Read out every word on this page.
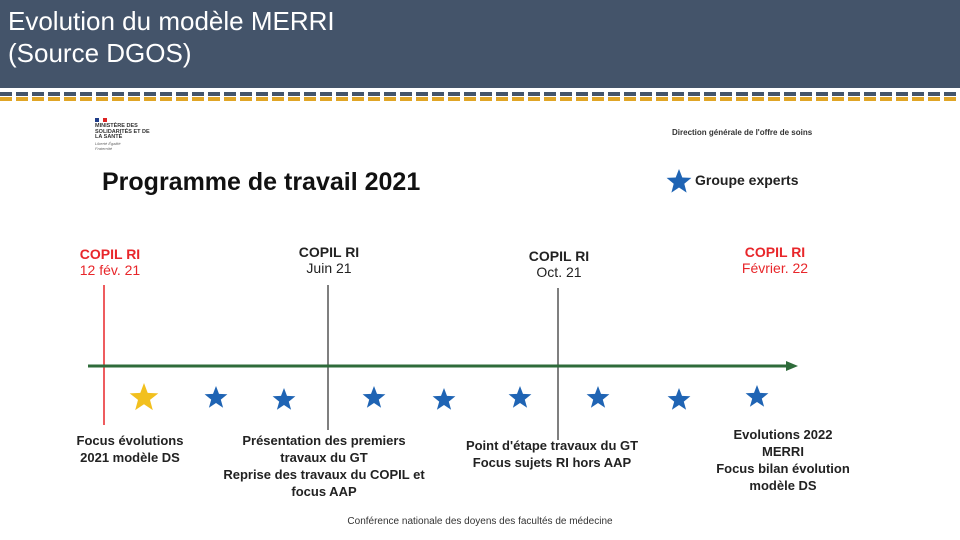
Evolution du modèle MERRI
(Source DGOS)
MINISTÈRE DES SOLIDARITÉS ET DE LA SANTÉ
Liberté Égalité Fraternité
Direction générale de l'offre de soins
Programme de travail 2021	Groupe experts
COPIL RI
12 fév. 21
COPIL RI
Juin 21
COPIL RI
Oct. 21
COPIL RI
Février. 22
Focus évolutions
2021 modèle DS
Présentation des premiers
travaux du GT
Reprise des travaux du COPIL et
focus AAP
Point d'étape travaux du GT
Focus sujets RI hors AAP
Evolutions 2022
MERRI
Focus bilan évolution
modèle DS
Conférence nationale des doyens des facultés de médecine
